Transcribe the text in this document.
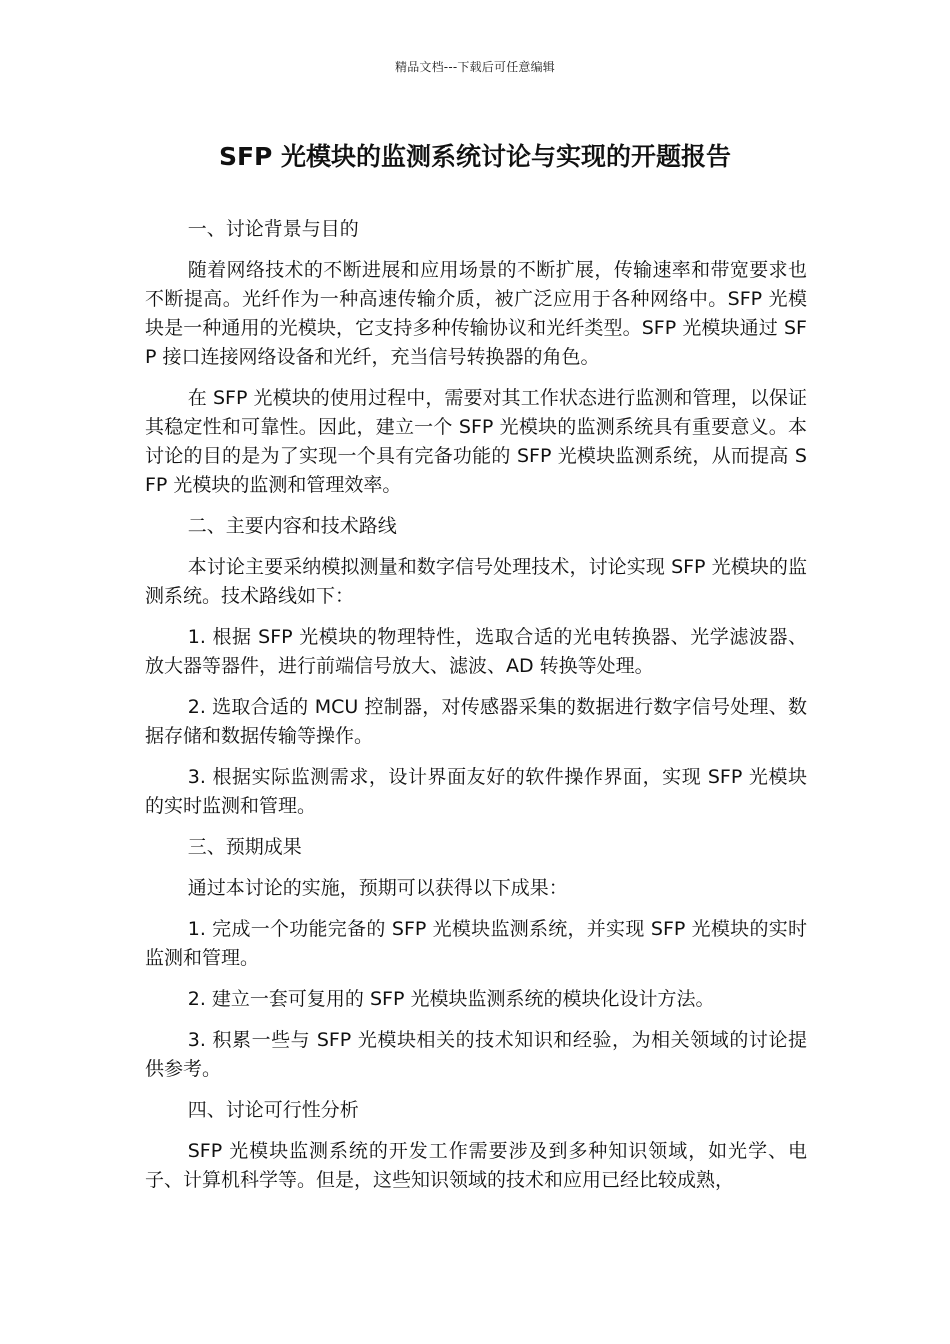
精品文档---下载后可任意编辑
SFP 光模块的监测系统讨论与实现的开题报告
一、讨论背景与目的

随着网络技术的不断进展和应用场景的不断扩展，传输速率和带宽要求也不断提高。光纤作为一种高速传输介质，被广泛应用于各种网络中。SFP 光模块是一种通用的光模块，它支持多种传输协议和光纤类型。SFP 光模块通过 SFP 接口连接网络设备和光纤，充当信号转换器的角色。

在 SFP 光模块的使用过程中，需要对其工作状态进行监测和管理，以保证其稳定性和可靠性。因此，建立一个 SFP 光模块的监测系统具有重要意义。本讨论的目的是为了实现一个具有完备功能的 SFP 光模块监测系统，从而提高 SFP 光模块的监测和管理效率。

二、主要内容和技术路线

本讨论主要采纳模拟测量和数字信号处理技术，讨论实现 SFP 光模块的监测系统。技术路线如下：

1. 根据 SFP 光模块的物理特性，选取合适的光电转换器、光学滤波器、放大器等器件，进行前端信号放大、滤波、AD 转换等处理。

2. 选取合适的 MCU 控制器，对传感器采集的数据进行数字信号处理、数据存储和数据传输等操作。

3. 根据实际监测需求，设计界面友好的软件操作界面，实现 SFP 光模块的实时监测和管理。

三、预期成果

通过本讨论的实施，预期可以获得以下成果：

1. 完成一个功能完备的 SFP 光模块监测系统，并实现 SFP 光模块的实时监测和管理。

2. 建立一套可复用的 SFP 光模块监测系统的模块化设计方法。

3. 积累一些与 SFP 光模块相关的技术知识和经验，为相关领域的讨论提供参考。

四、讨论可行性分析

SFP 光模块监测系统的开发工作需要涉及到多种知识领域，如光学、电子、计算机科学等。但是，这些知识领域的技术和应用已经比较成熟，
